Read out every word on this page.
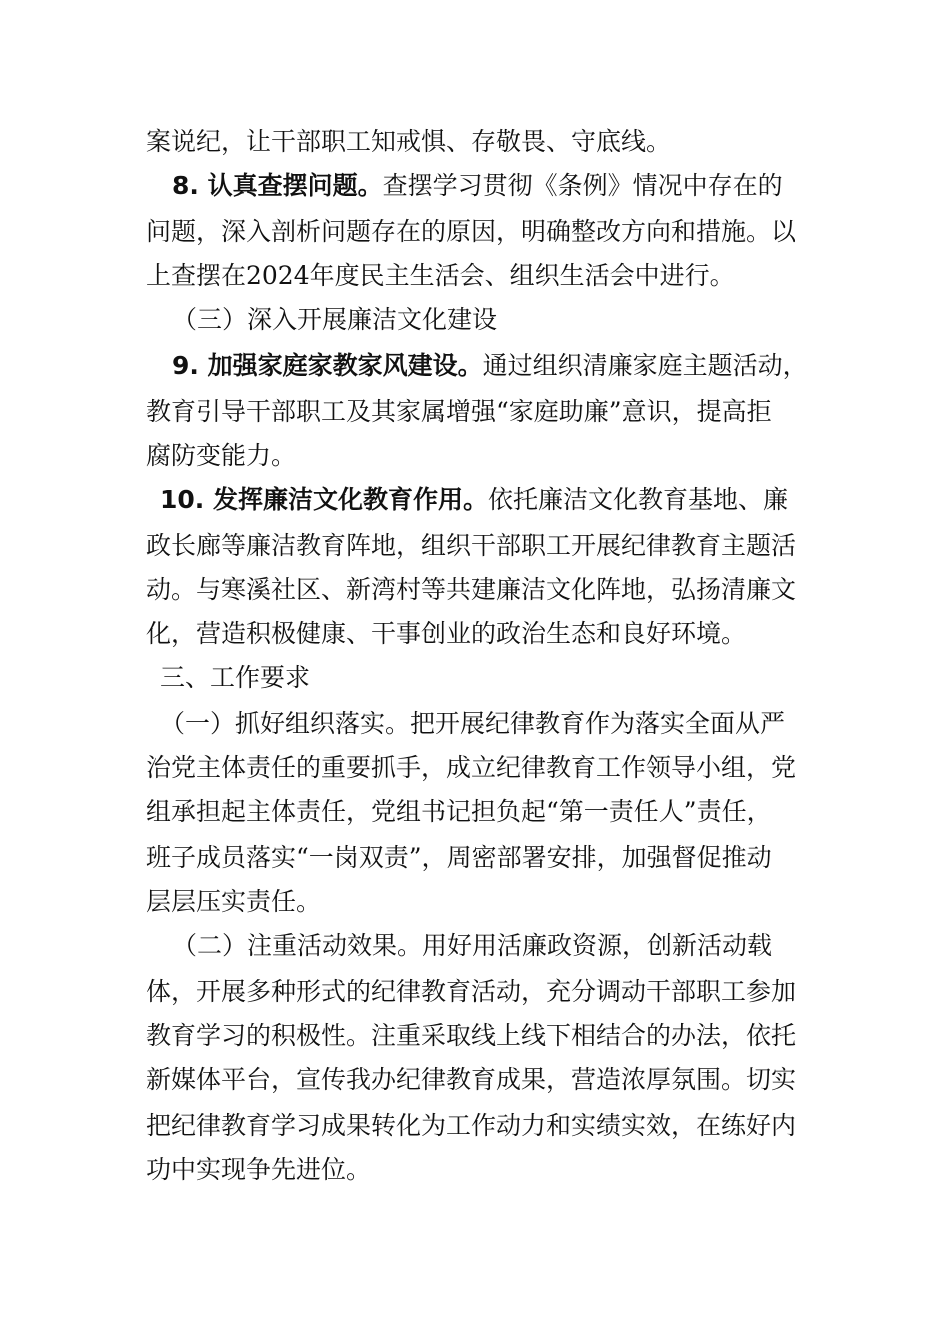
案说纪，让干部职工知戒惧、存敬畏、守底线。
8. 认真查摆问题。查摆学习贯彻《条例》情况中存在的
问题，深入剖析问题存在的原因，明确整改方向和措施。以
上查摆在2024年度民主生活会、组织生活会中进行。
（三）深入开展廉洁文化建设
9. 加强家庭家教家风建设。通过组织清廉家庭主题活动，
教育引导干部职工及其家属增强“家庭助廉”意识，提高拒
腐防变能力。
10. 发挥廉洁文化教育作用。依托廉洁文化教育基地、廉
政长廊等廉洁教育阵地，组织干部职工开展纪律教育主题活
动。与寒溪社区、新湾村等共建廉洁文化阵地，弘扬清廉文
化，营造积极健康、干事创业的政治生态和良好环境。
三、工作要求
（一）抓好组织落实。把开展纪律教育作为落实全面从严
治党主体责任的重要抓手，成立纪律教育工作领导小组，党
组承担起主体责任，党组书记担负起“第一责任人”责任，
班子成员落实“一岗双责”，周密部署安排，加强督促推动
层层压实责任。
（二）注重活动效果。用好用活廉政资源，创新活动载
体，开展多种形式的纪律教育活动，充分调动干部职工参加
教育学习的积极性。注重采取线上线下相结合的办法，依托
新媒体平台，宣传我办纪律教育成果，营造浓厚氛围。切实
把纪律教育学习成果转化为工作动力和实绩实效，在练好内
功中实现争先进位。
